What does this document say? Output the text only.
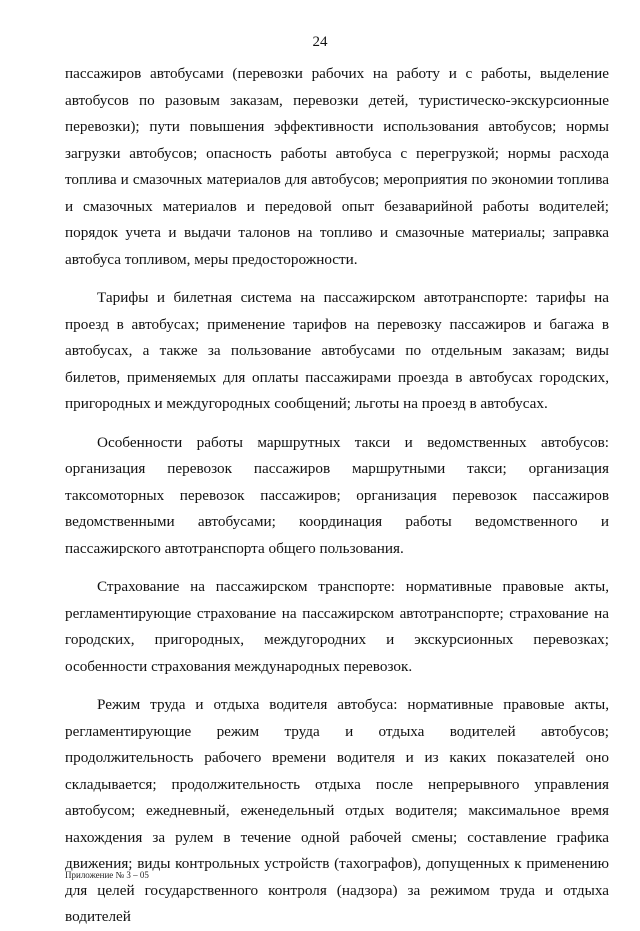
24

пассажиров автобусами (перевозки рабочих на работу и с работы, выделение автобусов по разовым заказам, перевозки детей, туристическо-экскурсионные перевозки); пути повышения эффективности использования автобусов; нормы загрузки автобусов; опасность работы автобуса с перегрузкой; нормы расхода топлива и смазочных материалов для автобусов; мероприятия по экономии топлива и смазочных материалов и передовой опыт безаварийной работы водителей; порядок учета и выдачи талонов на топливо и смазочные материалы; заправка автобуса топливом, меры предосторожности.

Тарифы и билетная система на пассажирском автотранспорте: тарифы на проезд в автобусах; применение тарифов на перевозку пассажиров и багажа в автобусах, а также за пользование автобусами по отдельным заказам; виды билетов, применяемых для оплаты пассажирами проезда в автобусах городских, пригородных и междугородных сообщений; льготы на проезд в автобусах.

Особенности работы маршрутных такси и ведомственных автобусов: организация перевозок пассажиров маршрутными такси; организация таксомоторных перевозок пассажиров; организация перевозок пассажиров ведомственными автобусами; координация работы ведомственного и пассажирского автотранспорта общего пользования.

Страхование на пассажирском транспорте: нормативные правовые акты, регламентирующие страхование на пассажирском автотранспорте; страхование на городских, пригородных, междугородних и экскурсионных перевозках; особенности страхования международных перевозок.

Режим труда и отдыха водителя автобуса: нормативные правовые акты, регламентирующие режим труда и отдыха водителей автобусов; продолжительность рабочего времени водителя и из каких показателей оно складывается; продолжительность отдыха после непрерывного управления автобусом; ежедневный, еженедельный отдых водителя; максимальное время нахождения за рулем в течение одной рабочей смены; составление графика движения; виды контрольных устройств (тахографов), допущенных к применению для целей государственного контроля (надзора) за режимом труда и отдыха водителей

Приложение № 3 – 05
